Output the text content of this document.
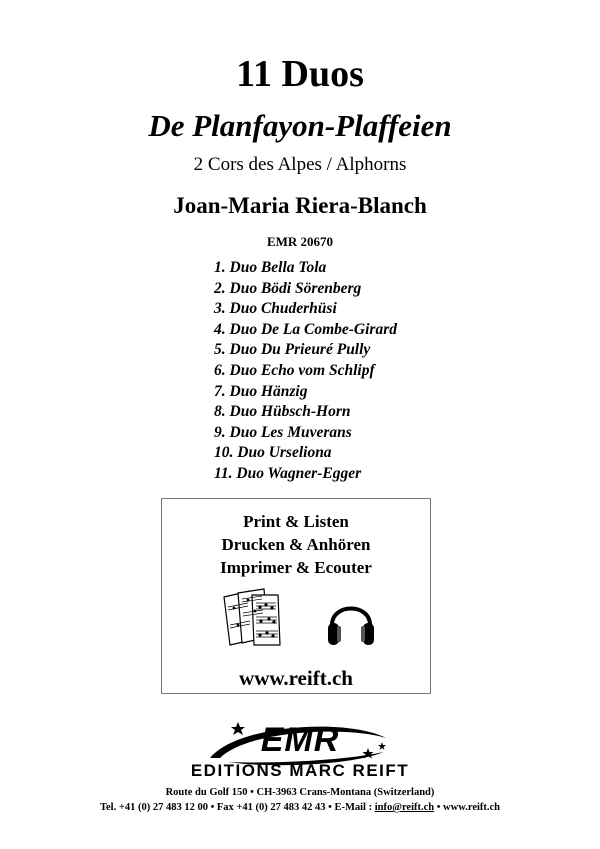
11 Duos
De Planfayon-Plaffeien
2 Cors des Alpes / Alphorns
Joan-Maria Riera-Blanch
EMR 20670
1. Duo Bella Tola
2. Duo Bödi Sörenberg
3. Duo Chuderhüsi
4. Duo De La Combe-Girard
5. Duo Du Prieuré Pully
6. Duo Echo vom Schlipf
7. Duo Hänzig
8. Duo Hübsch-Horn
9. Duo Les Muverans
10. Duo Urseliona
11. Duo Wagner-Egger
Print & Listen
Drucken & Anhören
Imprimer & Ecouter
www.reift.ch
EMR
EDITIONS MARC REIFT
Route du Golf 150 • CH-3963 Crans-Montana (Switzerland)
Tel. +41 (0) 27 483 12 00 • Fax +41 (0) 27 483 42 43 • E-Mail : info@reift.ch • www.reift.ch
